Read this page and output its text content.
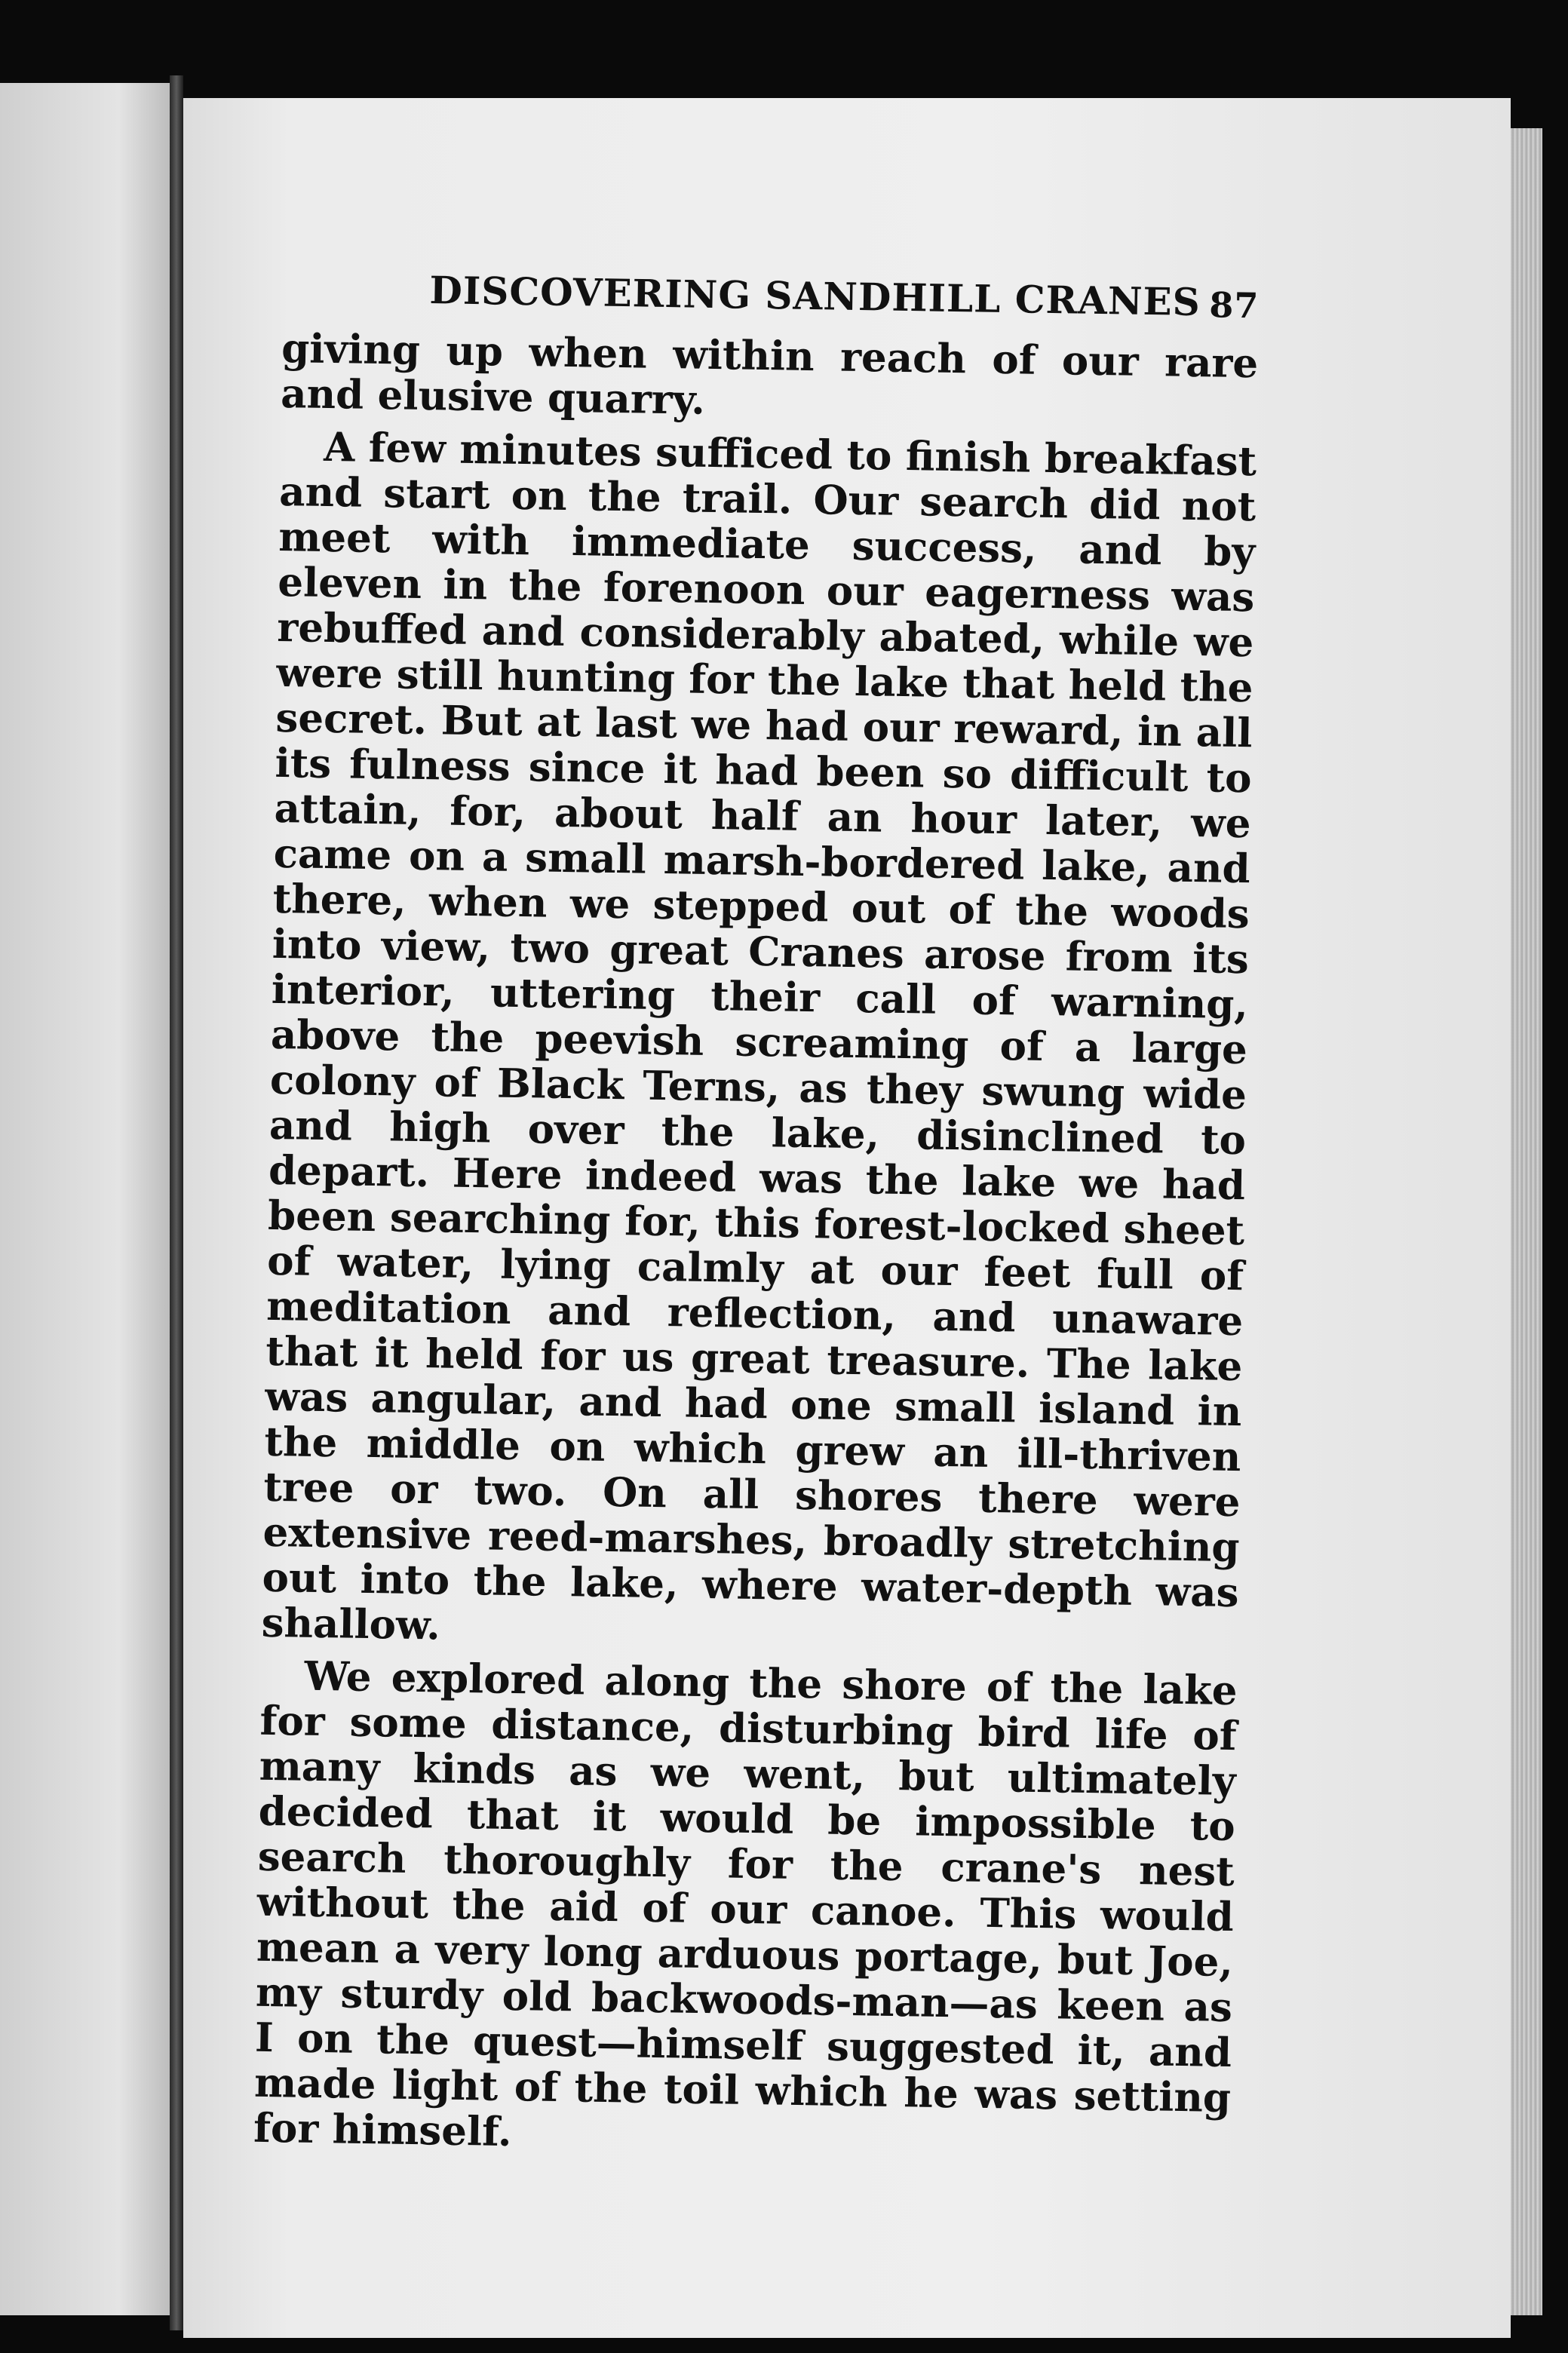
DISCOVERING SANDHILL CRANES 87

giving up when within reach of our rare and elusive quarry.

A few minutes sufficed to finish breakfast and start on the trail. Our search did not meet with immediate success, and by eleven in the forenoon our eagerness was rebuffed and considerably abated, while we were still hunting for the lake that held the secret. But at last we had our reward, in all its fulness since it had been so difficult to attain, for, about half an hour later, we came on a small marsh-bordered lake, and there, when we stepped out of the woods into view, two great Cranes arose from its interior, uttering their call of warning, above the peevish screaming of a large colony of Black Terns, as they swung wide and high over the lake, disinclined to depart. Here indeed was the lake we had been searching for, this forest-locked sheet of water, lying calmly at our feet full of meditation and reflection, and unaware that it held for us great treasure. The lake was angular, and had one small island in the middle on which grew an ill-thriven tree or two. On all shores there were extensive reed-marshes, broadly stretching out into the lake, where water-depth was shallow.

We explored along the shore of the lake for some distance, disturbing bird life of many kinds as we went, but ultimately decided that it would be impossible to search thoroughly for the crane's nest without the aid of our canoe. This would mean a very long arduous portage, but Joe, my sturdy old backwoods-man—as keen as I on the quest—himself suggested it, and made light of the toil which he was setting for himself.
